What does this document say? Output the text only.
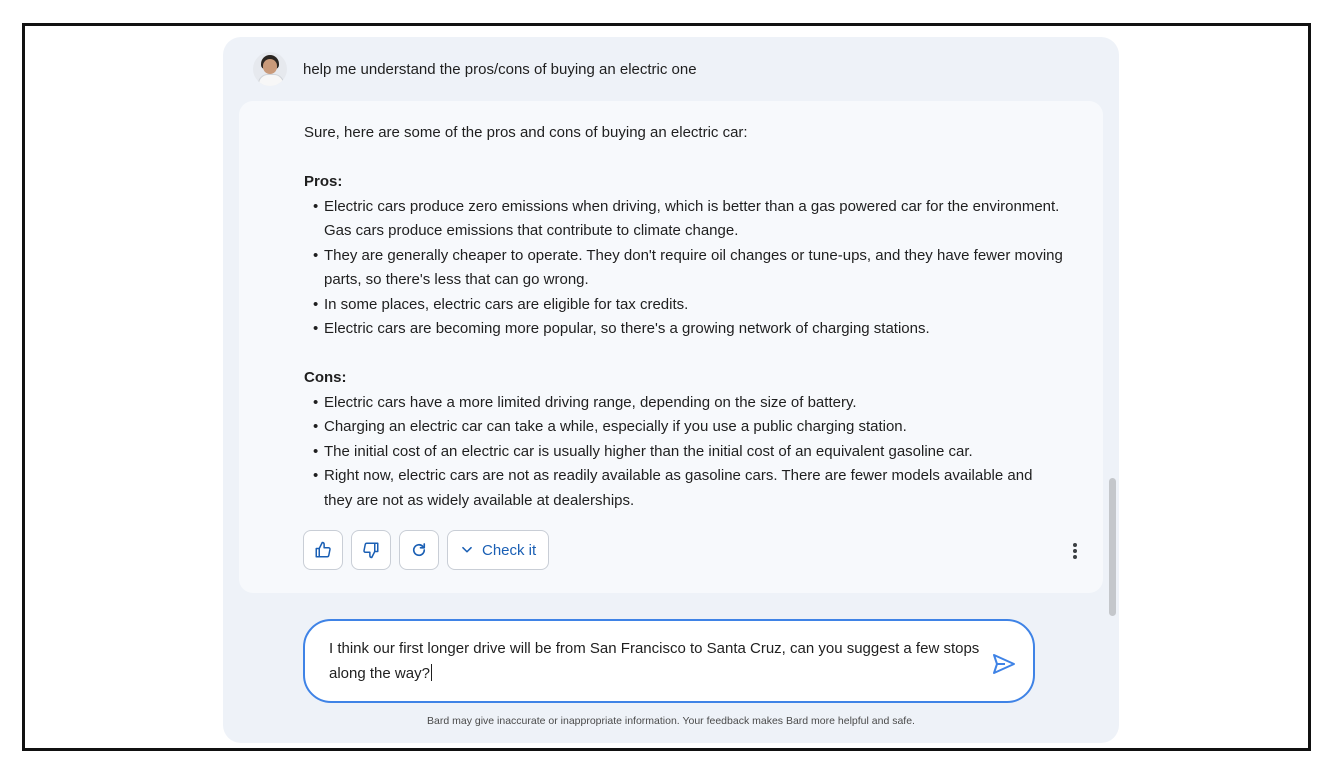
help me understand the pros/cons of buying an electric one

Sure, here are some of the pros and cons of buying an electric car:

Pros:

• Electric cars produce zero emissions when driving, which is better than a gas powered car for the environment. Gas cars produce emissions that contribute to climate change.
• They are generally cheaper to operate. They don't require oil changes or tune-ups, and they have fewer moving parts, so there's less that can go wrong.
• In some places, electric cars are eligible for tax credits.
• Electric cars are becoming more popular, so there's a growing network of charging stations.

Cons:

• Electric cars have a more limited driving range, depending on the size of battery.
• Charging an electric car can take a while, especially if you use a public charging station.
• The initial cost of an electric car is usually higher than the initial cost of an equivalent gasoline car.
• Right now, electric cars are not as readily available as gasoline cars. There are fewer models available and they are not as widely available at dealerships.
Check it
I think our first longer drive will be from San Francisco to Santa Cruz, can you suggest a few stops along the way?
Bard may give inaccurate or inappropriate information. Your feedback makes Bard more helpful and safe.
